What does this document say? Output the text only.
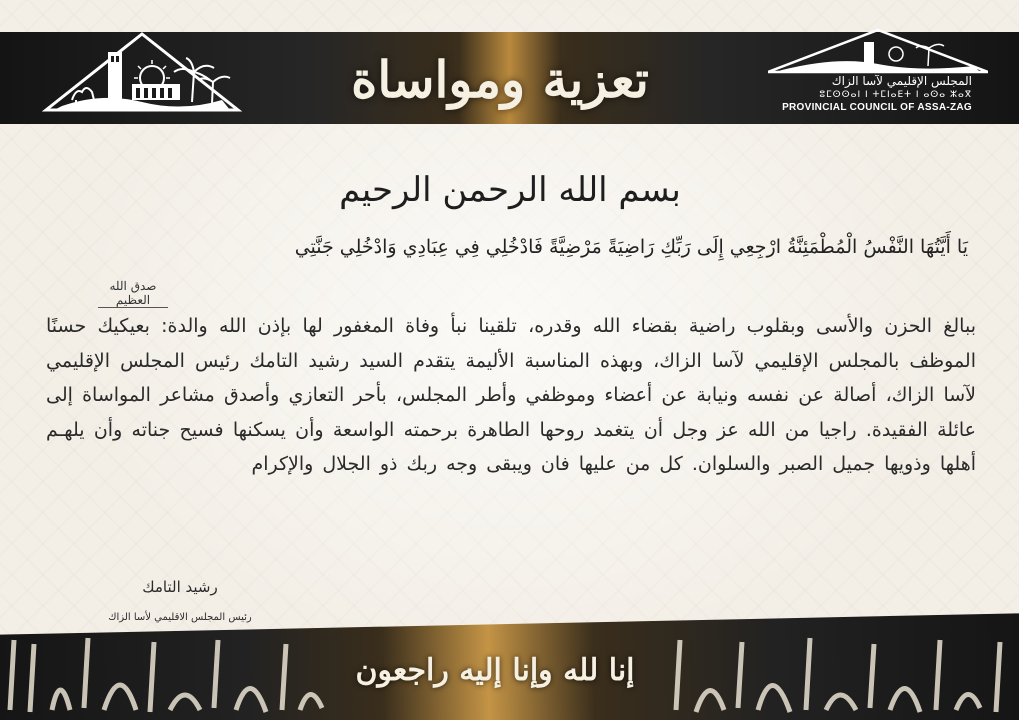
تعزية ومواساة	المجلس الإقليمي لآسا الزاك
ⵓⵎⵙⵙⴰⵏ ⵏ ⵜⵎⵏⴰⴹⵜ ⵏ ⴰⵙⴰ ⵣⴰⴳ
PROVINCIAL COUNCIL OF ASSA-ZAG
بسم الله الرحمن الرحيم
يَا أَيَّتُهَا النَّفْسُ الْمُطْمَئِنَّةُ ارْجِعِي إِلَى رَبِّكِ رَاضِيَةً مَرْضِيَّةً فَادْخُلِي فِي عِبَادِي وَادْخُلِي جَنَّتِي
صدق الله العظيم
ببالغ الحزن والأسى وبقلوب راضية بقضاء الله وقدره، تلقينا نبأ وفاة المغفور لها بإذن الله والدة: بعيكيك حسنًا الموظف بالمجلس الإقليمي لآسا الزاك، وبهذه المناسبة الأليمة يتقدم السيد رشيد التامك رئيس المجلس الإقليمي لآسا الزاك، أصالة عن نفسه ونيابة عن أعضاء وموظفي وأطر المجلس، بأحر التعازي وأصدق مشاعر المواساة إلى عائلة الفقيدة. راجيا من الله عز وجل أن يتغمد روحها الطاهرة برحمته الواسعة وأن يسكنها فسيح جناته وأن يلهـم أهلها وذويها جميل الصبر والسلوان. كل من عليها فان ويبقى وجه ربك ذو الجلال والإكرام
رشيد التامك
رئيس المجلس الاقليمي لأسا الزاك
إنا لله وإنا إليه راجعون
